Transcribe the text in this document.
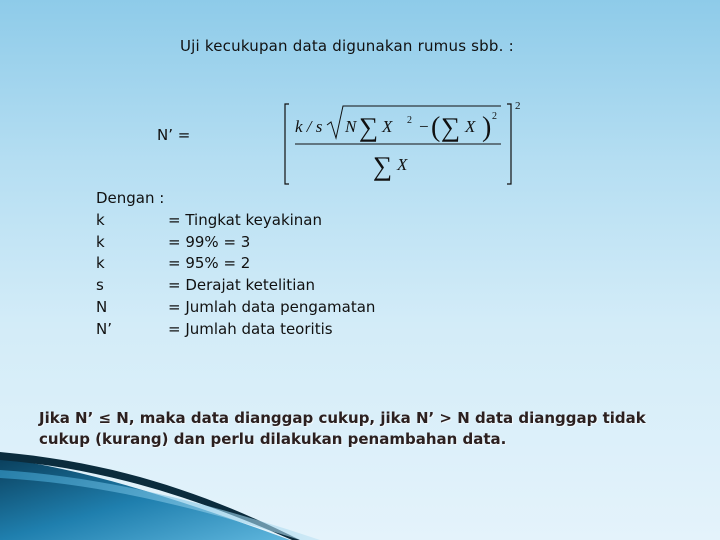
Uji kecukupan data digunakan rumus sbb. :
N’ =
2
k / s N ∑ X 2 − ( ∑ X ) 2
∑ X
Dengan :
k	= Tingkat keyakinan
k	= 99% = 3
k	= 95% = 2
s	= Derajat ketelitian
N	= Jumlah data pengamatan
N’	= Jumlah data teoritis
Jika N’ ≤ N, maka data dianggap cukup, jika N’ > N data dianggap tidak cukup (kurang) dan perlu dilakukan penambahan data.
